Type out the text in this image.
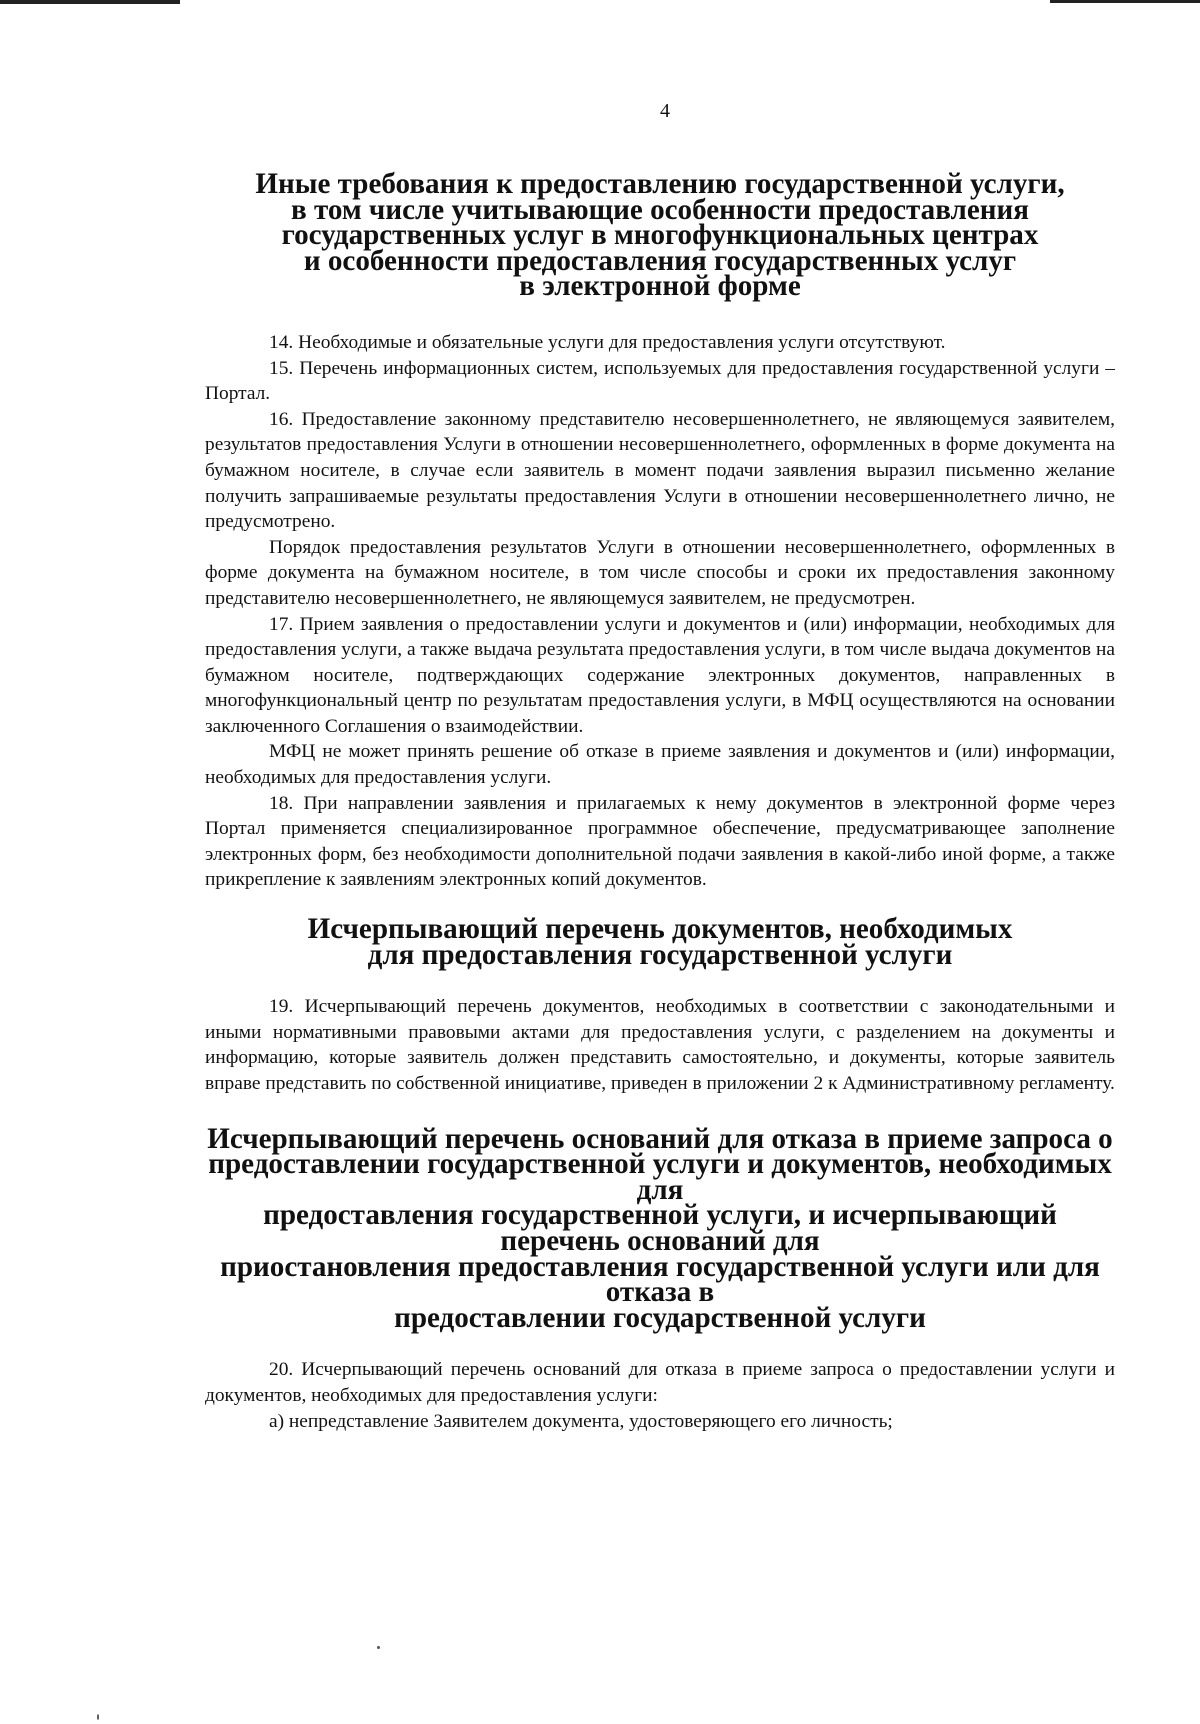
4
Иные требования к предоставлению государственной услуги,
в том числе учитывающие особенности предоставления
государственных услуг в многофункциональных центрах
и особенности предоставления государственных услуг
в электронной форме

14. Необходимые и обязательные услуги для предоставления услуги отсутствуют.

15. Перечень информационных систем, используемых для предоставления государственной услуги – Портал.

16. Предоставление законному представителю несовершеннолетнего, не являющемуся заявителем, результатов предоставления Услуги в отношении несовершеннолетнего, оформленных в форме документа на бумажном носителе, в случае если заявитель в момент подачи заявления выразил письменно желание получить запрашиваемые результаты предоставления Услуги в отношении несовершеннолетнего лично, не предусмотрено.

Порядок предоставления результатов Услуги в отношении несовершеннолетнего, оформленных в форме документа на бумажном носителе, в том числе способы и сроки их предоставления законному представителю несовершеннолетнего, не являющемуся заявителем, не предусмотрен.

17. Прием заявления о предоставлении услуги и документов и (или) информации, необходимых для предоставления услуги, а также выдача результата предоставления услуги, в том числе выдача документов на бумажном носителе, подтверждающих содержание электронных документов, направленных в многофункциональный центр по результатам предоставления услуги, в МФЦ осуществляются на основании заключенного Соглашения о взаимодействии.

МФЦ не может принять решение об отказе в приеме заявления и документов и (или) информации, необходимых для предоставления услуги.

18. При направлении заявления и прилагаемых к нему документов в электронной форме через Портал применяется специализированное программное обеспечение, предусматривающее заполнение электронных форм, без необходимости дополнительной подачи заявления в какой-либо иной форме, а также прикрепление к заявлениям электронных копий документов.

Исчерпывающий перечень документов, необходимых
для предоставления государственной услуги

19. Исчерпывающий перечень документов, необходимых в соответствии с законодательными и иными нормативными правовыми актами для предоставления услуги, с разделением на документы и информацию, которые заявитель должен представить самостоятельно, и документы, которые заявитель вправе представить по собственной инициативе, приведен в приложении 2 к Административному регламенту.

Исчерпывающий перечень оснований для отказа в приеме запроса о
предоставлении государственной услуги и документов, необходимых для
предоставления государственной услуги, и исчерпывающий перечень оснований для
приостановления предоставления государственной услуги или для отказа в
предоставлении государственной услуги

20. Исчерпывающий перечень оснований для отказа в приеме запроса о предоставлении услуги и документов, необходимых для предоставления услуги:

а) непредставление Заявителем документа, удостоверяющего его личность;
